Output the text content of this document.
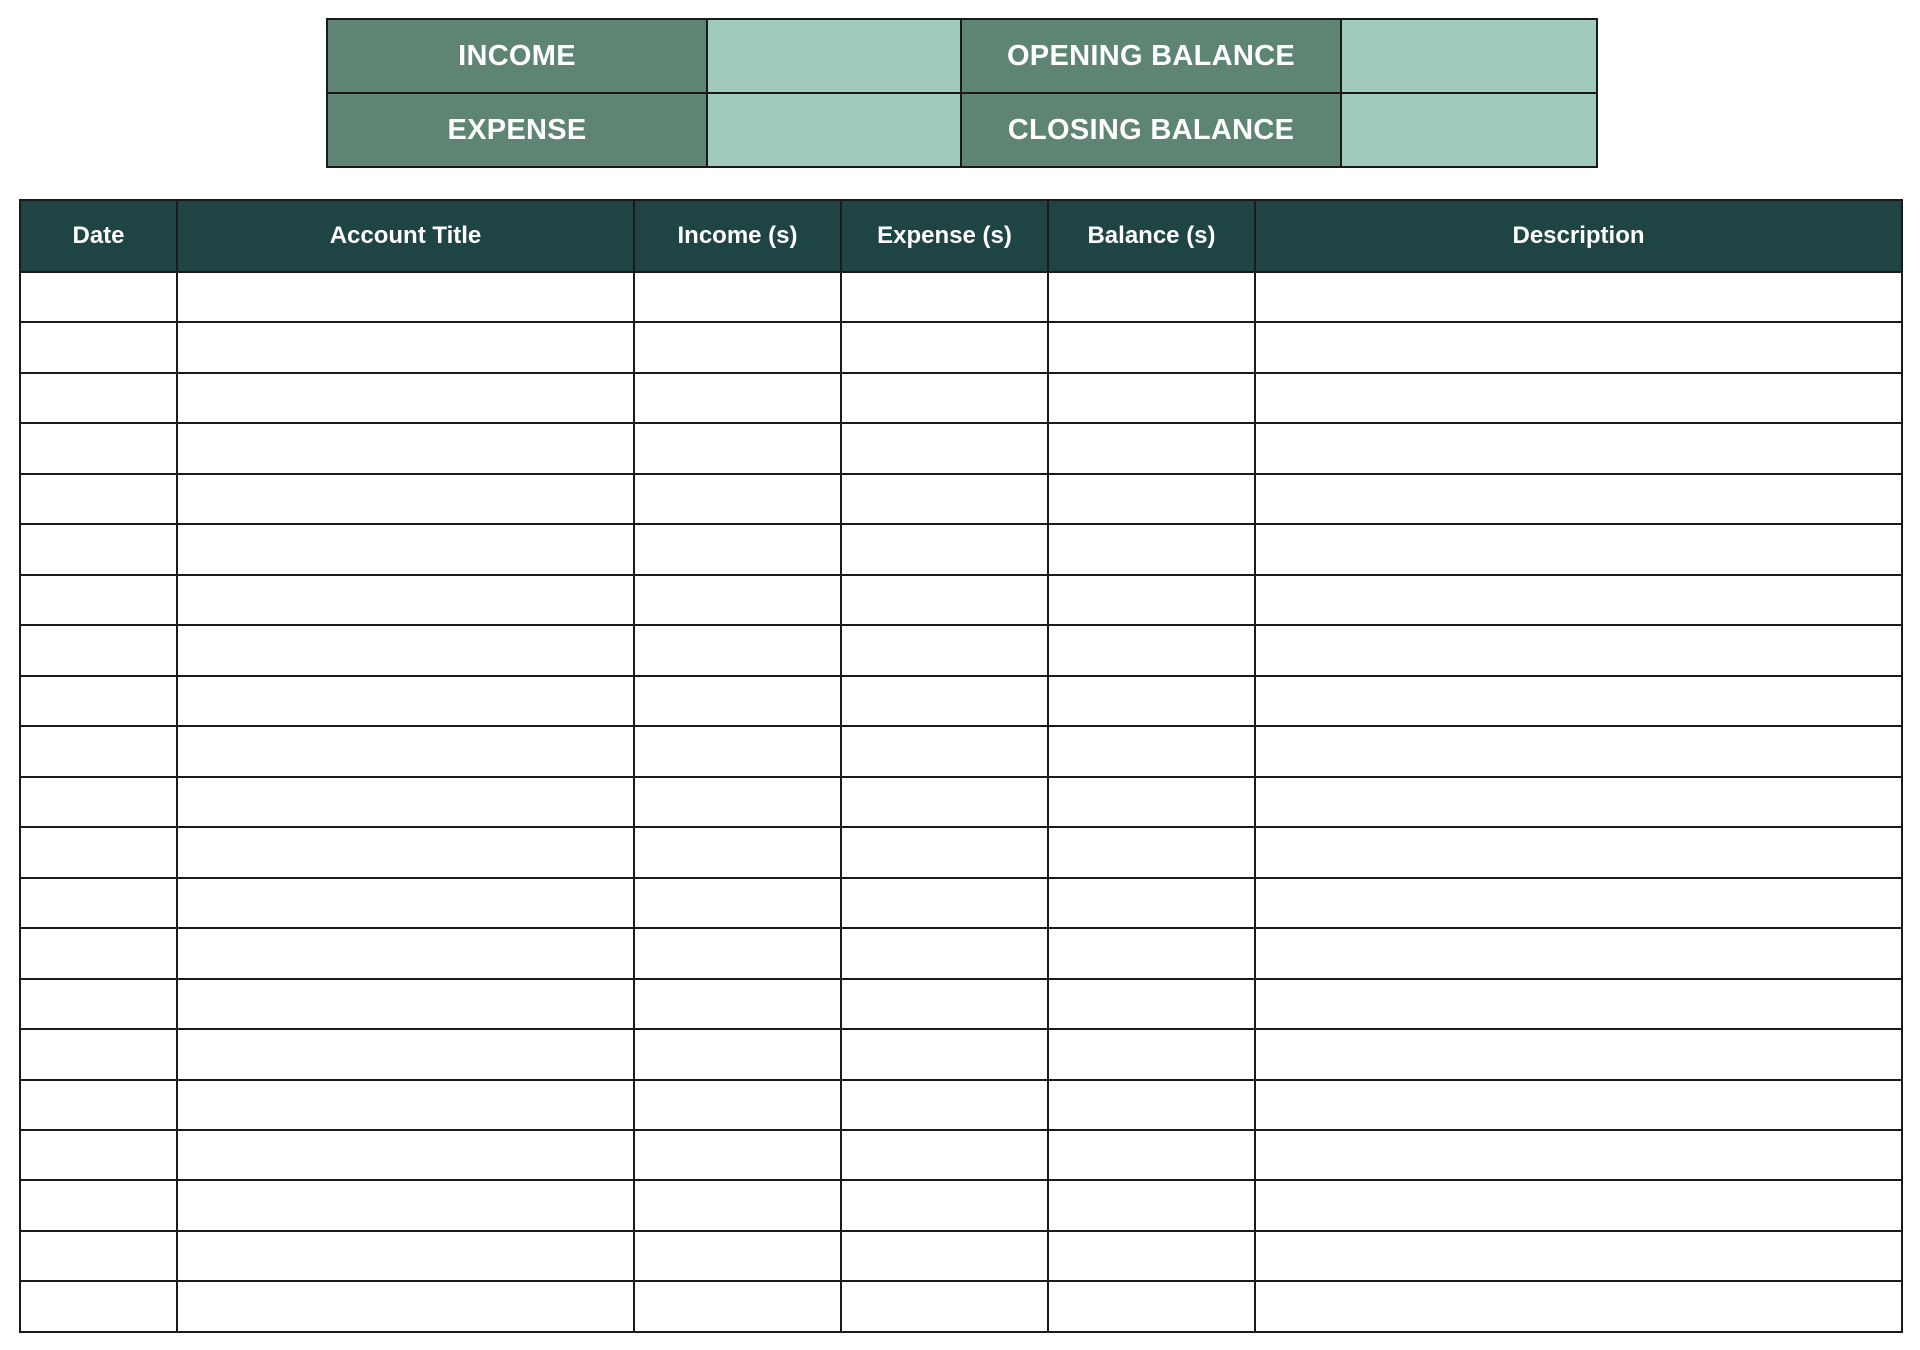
INCOME		OPENING BALANCE	
EXPENSE		CLOSING BALANCE	
Date	Account Title	Income (s)	Expense (s)	Balance (s)	Description
